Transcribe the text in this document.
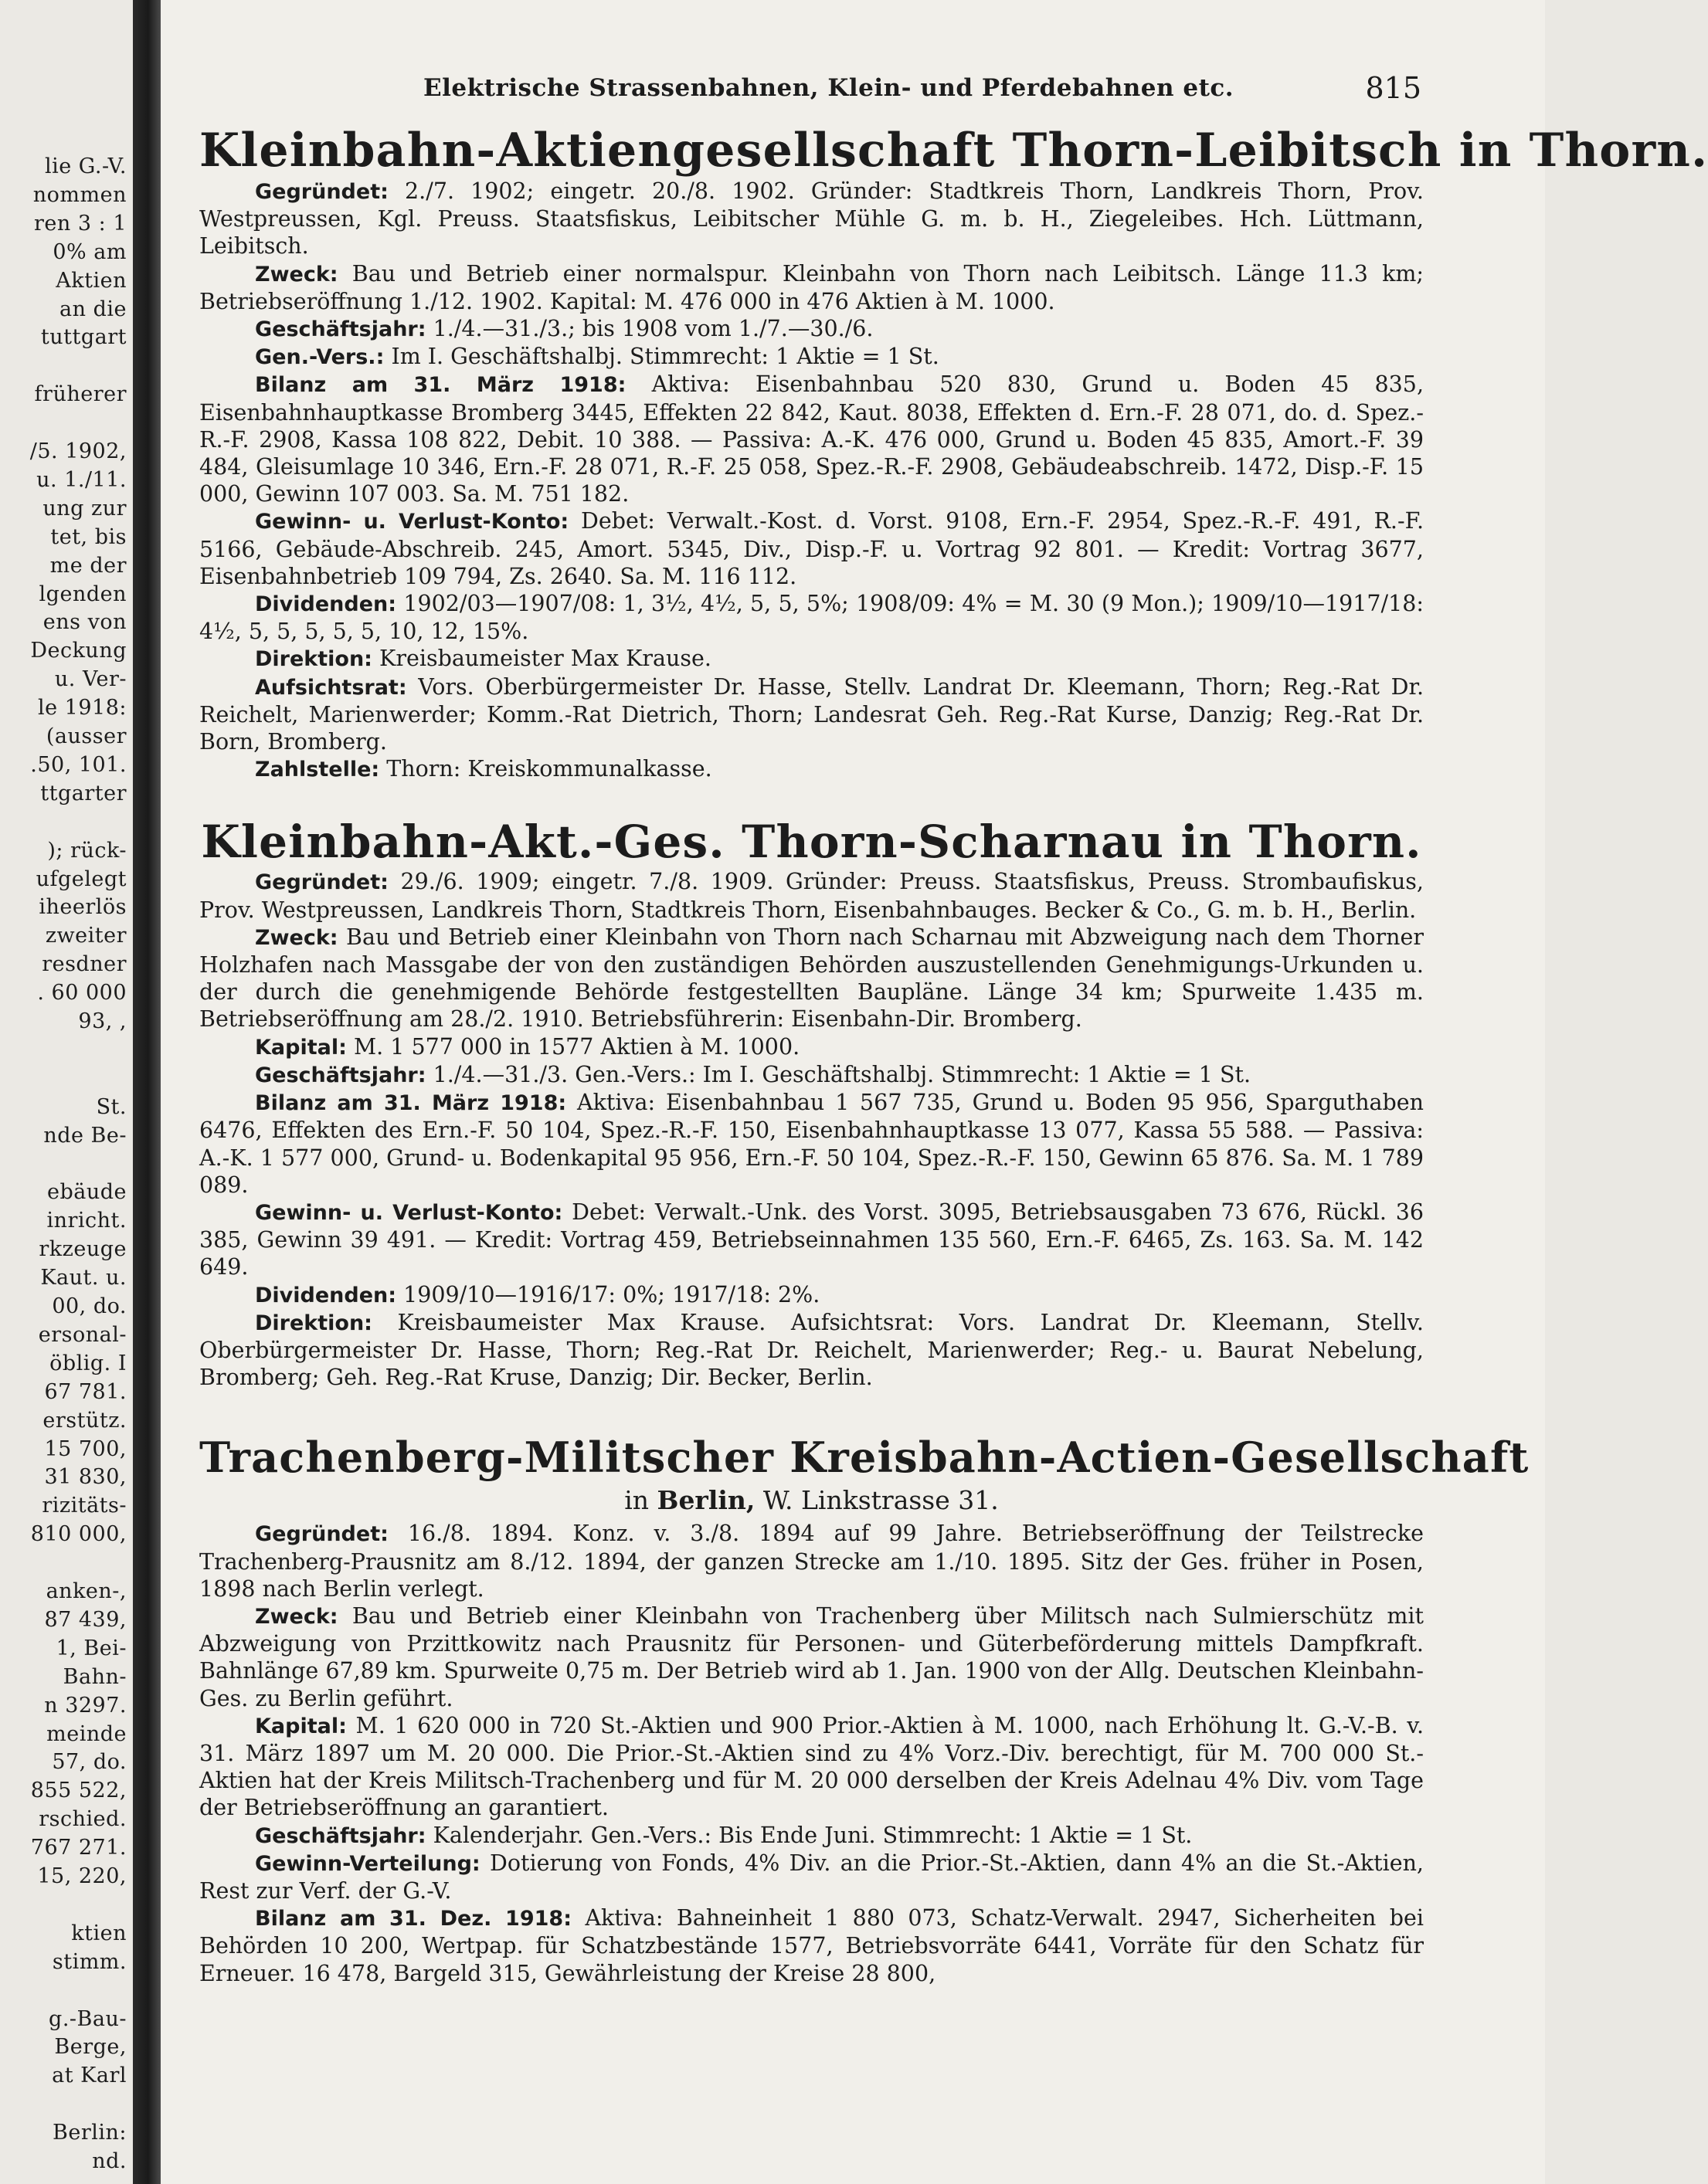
lie G.-V.
nommen
ren 3 : 1
0% am
Aktien
an die
tuttgart
früherer
/5. 1902,
u. 1./11.
ung zur
tet, bis
me der
lgenden
ens von
Deckung
u. Ver-
le 1918:
(ausser
.50, 101.
ttgarter
); rück-
ufgelegt
iheerlös
zweiter
resdner
. 60 000
93, ,
St.
nde Be-
ebäude
inricht.
rkzeuge
Kaut. u.
00, do.
ersonal-
öblig. I
67 781.
erstütz.
15 700,
31 830,
rizitäts-
810 000,
anken-,
87 439,
1, Bei-
Bahn-
n 3297.
meinde
57, do.
855 522,
rschied.
767 271.
15, 220,
ktien
stimm.
g.-Bau-
Berge,
at Karl
Berlin:
nd.
Elektrische Strassenbahnen, Klein- und Pferdebahnen etc.	815
Kleinbahn-Aktiengesellschaft Thorn-Leibitsch in Thorn.

Gegründet: 2./7. 1902; eingetr. 20./8. 1902. Gründer: Stadtkreis Thorn, Landkreis Thorn, Prov. Westpreussen, Kgl. Preuss. Staatsfiskus, Leibitscher Mühle G. m. b. H., Ziegeleibes. Hch. Lüttmann, Leibitsch.

Zweck: Bau und Betrieb einer normalspur. Kleinbahn von Thorn nach Leibitsch. Länge 11.3 km; Betriebseröffnung 1./12. 1902. Kapital: M. 476 000 in 476 Aktien à M. 1000.

Geschäftsjahr: 1./4.—31./3.; bis 1908 vom 1./7.—30./6.

Gen.-Vers.: Im I. Geschäftshalbj. Stimmrecht: 1 Aktie = 1 St.

Bilanz am 31. März 1918: Aktiva: Eisenbahnbau 520 830, Grund u. Boden 45 835, Eisenbahnhauptkasse Bromberg 3445, Effekten 22 842, Kaut. 8038, Effekten d. Ern.-F. 28 071, do. d. Spez.-R.-F. 2908, Kassa 108 822, Debit. 10 388. — Passiva: A.-K. 476 000, Grund u. Boden 45 835, Amort.-F. 39 484, Gleisumlage 10 346, Ern.-F. 28 071, R.-F. 25 058, Spez.-R.-F. 2908, Gebäudeabschreib. 1472, Disp.-F. 15 000, Gewinn 107 003. Sa. M. 751 182.

Gewinn- u. Verlust-Konto: Debet: Verwalt.-Kost. d. Vorst. 9108, Ern.-F. 2954, Spez.-R.-F. 491, R.-F. 5166, Gebäude-Abschreib. 245, Amort. 5345, Div., Disp.-F. u. Vortrag 92 801. — Kredit: Vortrag 3677, Eisenbahnbetrieb 109 794, Zs. 2640. Sa. M. 116 112.

Dividenden: 1902/03—1907/08: 1, 3½, 4½, 5, 5, 5%; 1908/09: 4% = M. 30 (9 Mon.); 1909/10—1917/18: 4½, 5, 5, 5, 5, 5, 10, 12, 15%.

Direktion: Kreisbaumeister Max Krause.

Aufsichtsrat: Vors. Oberbürgermeister Dr. Hasse, Stellv. Landrat Dr. Kleemann, Thorn; Reg.-Rat Dr. Reichelt, Marienwerder; Komm.-Rat Dietrich, Thorn; Landesrat Geh. Reg.-Rat Kurse, Danzig; Reg.-Rat Dr. Born, Bromberg.

Zahlstelle: Thorn: Kreiskommunalkasse.

Kleinbahn-Akt.-Ges. Thorn-Scharnau in Thorn.

Gegründet: 29./6. 1909; eingetr. 7./8. 1909. Gründer: Preuss. Staatsfiskus, Preuss. Strombaufiskus, Prov. Westpreussen, Landkreis Thorn, Stadtkreis Thorn, Eisenbahnbauges. Becker & Co., G. m. b. H., Berlin.

Zweck: Bau und Betrieb einer Kleinbahn von Thorn nach Scharnau mit Abzweigung nach dem Thorner Holzhafen nach Massgabe der von den zuständigen Behörden auszustellenden Genehmigungs-Urkunden u. der durch die genehmigende Behörde festgestellten Baupläne. Länge 34 km; Spurweite 1.435 m. Betriebseröffnung am 28./2. 1910. Betriebsführerin: Eisenbahn-Dir. Bromberg.

Kapital: M. 1 577 000 in 1577 Aktien à M. 1000.

Geschäftsjahr: 1./4.—31./3. Gen.-Vers.: Im I. Geschäftshalbj. Stimmrecht: 1 Aktie = 1 St.

Bilanz am 31. März 1918: Aktiva: Eisenbahnbau 1 567 735, Grund u. Boden 95 956, Sparguthaben 6476, Effekten des Ern.-F. 50 104, Spez.-R.-F. 150, Eisenbahnhauptkasse 13 077, Kassa 55 588. — Passiva: A.-K. 1 577 000, Grund- u. Bodenkapital 95 956, Ern.-F. 50 104, Spez.-R.-F. 150, Gewinn 65 876. Sa. M. 1 789 089.

Gewinn- u. Verlust-Konto: Debet: Verwalt.-Unk. des Vorst. 3095, Betriebsausgaben 73 676, Rückl. 36 385, Gewinn 39 491. — Kredit: Vortrag 459, Betriebseinnahmen 135 560, Ern.-F. 6465, Zs. 163. Sa. M. 142 649.

Dividenden: 1909/10—1916/17: 0%; 1917/18: 2%.

Direktion: Kreisbaumeister Max Krause. Aufsichtsrat: Vors. Landrat Dr. Kleemann, Stellv. Oberbürgermeister Dr. Hasse, Thorn; Reg.-Rat Dr. Reichelt, Marienwerder; Reg.- u. Baurat Nebelung, Bromberg; Geh. Reg.-Rat Kruse, Danzig; Dir. Becker, Berlin.

Trachenberg-Militscher Kreisbahn-Actien-Gesellschaft
in Berlin, W. Linkstrasse 31.

Gegründet: 16./8. 1894. Konz. v. 3./8. 1894 auf 99 Jahre. Betriebseröffnung der Teilstrecke Trachenberg-Prausnitz am 8./12. 1894, der ganzen Strecke am 1./10. 1895. Sitz der Ges. früher in Posen, 1898 nach Berlin verlegt.

Zweck: Bau und Betrieb einer Kleinbahn von Trachenberg über Militsch nach Sulmierschütz mit Abzweigung von Przittkowitz nach Prausnitz für Personen- und Güterbeförderung mittels Dampfkraft. Bahnlänge 67,89 km. Spurweite 0,75 m. Der Betrieb wird ab 1. Jan. 1900 von der Allg. Deutschen Kleinbahn-Ges. zu Berlin geführt.

Kapital: M. 1 620 000 in 720 St.-Aktien und 900 Prior.-Aktien à M. 1000, nach Erhöhung lt. G.-V.-B. v. 31. März 1897 um M. 20 000. Die Prior.-St.-Aktien sind zu 4% Vorz.-Div. berechtigt, für M. 700 000 St.-Aktien hat der Kreis Militsch-Trachenberg und für M. 20 000 derselben der Kreis Adelnau 4% Div. vom Tage der Betriebseröffnung an garantiert.

Geschäftsjahr: Kalenderjahr. Gen.-Vers.: Bis Ende Juni. Stimmrecht: 1 Aktie = 1 St.

Gewinn-Verteilung: Dotierung von Fonds, 4% Div. an die Prior.-St.-Aktien, dann 4% an die St.-Aktien, Rest zur Verf. der G.-V.

Bilanz am 31. Dez. 1918: Aktiva: Bahneinheit 1 880 073, Schatz-Verwalt. 2947, Sicherheiten bei Behörden 10 200, Wertpap. für Schatzbestände 1577, Betriebsvorräte 6441, Vorräte für den Schatz für Erneuer. 16 478, Bargeld 315, Gewährleistung der Kreise 28 800,
